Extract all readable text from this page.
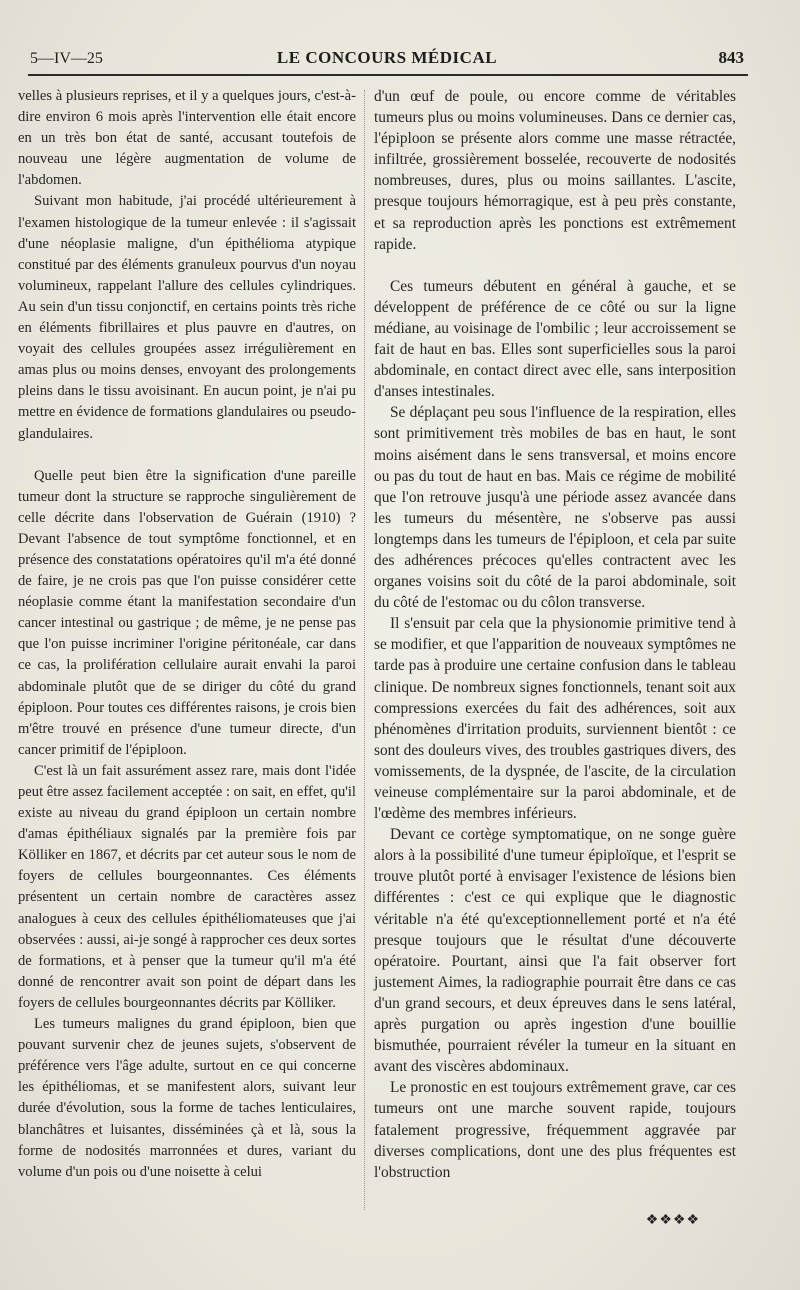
5—IV—25	LE CONCOURS MÉDICAL	843

velles à plusieurs reprises, et il y a quelques jours, c'est-à-dire environ 6 mois après l'intervention elle était encore en un très bon état de santé, accusant toutefois de nouveau une légère augmentation de volume de l'abdomen.

Suivant mon habitude, j'ai procédé ultérieurement à l'examen histologique de la tumeur enlevée : il s'agissait d'une néoplasie maligne, d'un épithélioma atypique constitué par des éléments granuleux pourvus d'un noyau volumineux, rappelant l'allure des cellules cylindriques. Au sein d'un tissu conjonctif, en certains points très riche en éléments fibrillaires et plus pauvre en d'autres, on voyait des cellules groupées assez irrégulièrement en amas plus ou moins denses, envoyant des prolongements pleins dans le tissu avoisinant. En aucun point, je n'ai pu mettre en évidence de formations glandulaires ou pseudo-glandulaires.

Quelle peut bien être la signification d'une pareille tumeur dont la structure se rapproche singulièrement de celle décrite dans l'observation de Guérain (1910) ? Devant l'absence de tout symptôme fonctionnel, et en présence des constatations opératoires qu'il m'a été donné de faire, je ne crois pas que l'on puisse considérer cette néoplasie comme étant la manifestation secondaire d'un cancer intestinal ou gastrique ; de même, je ne pense pas que l'on puisse incriminer l'origine péritonéale, car dans ce cas, la prolifération cellulaire aurait envahi la paroi abdominale plutôt que de se diriger du côté du grand épiploon. Pour toutes ces différentes raisons, je crois bien m'être trouvé en présence d'une tumeur directe, d'un cancer primitif de l'épiploon.

C'est là un fait assurément assez rare, mais dont l'idée peut être assez facilement acceptée : on sait, en effet, qu'il existe au niveau du grand épiploon un certain nombre d'amas épithéliaux signalés par la première fois par Kölliker en 1867, et décrits par cet auteur sous le nom de foyers de cellules bourgeonnantes. Ces éléments présentent un certain nombre de caractères assez analogues à ceux des cellules épithéliomateuses que j'ai observées : aussi, ai-je songé à rapprocher ces deux sortes de formations, et à penser que la tumeur qu'il m'a été donné de rencontrer avait son point de départ dans les foyers de cellules bourgeonnantes décrits par Kölliker.

Les tumeurs malignes du grand épiploon, bien que pouvant survenir chez de jeunes sujets, s'observent de préférence vers l'âge adulte, surtout en ce qui concerne les épithéliomas, et se manifestent alors, suivant leur durée d'évolution, sous la forme de taches lenticulaires, blanchâtres et luisantes, disséminées çà et là, sous la forme de nodosités marronnées et dures, variant du volume d'un pois ou d'une noisette à celui

d'un œuf de poule, ou encore comme de véritables tumeurs plus ou moins volumineuses. Dans ce dernier cas, l'épiploon se présente alors comme une masse rétractée, infiltrée, grossièrement bosselée, recouverte de nodosités nombreuses, dures, plus ou moins saillantes. L'ascite, presque toujours hémorragique, est à peu près constante, et sa reproduction après les ponctions est extrêmement rapide.

Ces tumeurs débutent en général à gauche, et se développent de préférence de ce côté ou sur la ligne médiane, au voisinage de l'ombilic ; leur accroissement se fait de haut en bas. Elles sont superficielles sous la paroi abdominale, en contact direct avec elle, sans interposition d'anses intestinales.

Se déplaçant peu sous l'influence de la respiration, elles sont primitivement très mobiles de bas en haut, le sont moins aisément dans le sens transversal, et moins encore ou pas du tout de haut en bas. Mais ce régime de mobilité que l'on retrouve jusqu'à une période assez avancée dans les tumeurs du mésentère, ne s'observe pas aussi longtemps dans les tumeurs de l'épiploon, et cela par suite des adhérences précoces qu'elles contractent avec les organes voisins soit du côté de la paroi abdominale, soit du côté de l'estomac ou du côlon transverse.

Il s'ensuit par cela que la physionomie primitive tend à se modifier, et que l'apparition de nouveaux symptômes ne tarde pas à produire une certaine confusion dans le tableau clinique. De nombreux signes fonctionnels, tenant soit aux compressions exercées du fait des adhérences, soit aux phénomènes d'irritation produits, surviennent bientôt : ce sont des douleurs vives, des troubles gastriques divers, des vomissements, de la dyspnée, de l'ascite, de la circulation veineuse complémentaire sur la paroi abdominale, et de l'œdème des membres inférieurs.

Devant ce cortège symptomatique, on ne songe guère alors à la possibilité d'une tumeur épiploïque, et l'esprit se trouve plutôt porté à envisager l'existence de lésions bien différentes : c'est ce qui explique que le diagnostic véritable n'a été qu'exceptionnellement porté et n'a été presque toujours que le résultat d'une découverte opératoire. Pourtant, ainsi que l'a fait observer fort justement Aimes, la radiographie pourrait être dans ce cas d'un grand secours, et deux épreuves dans le sens latéral, après purgation ou après ingestion d'une bouillie bismuthée, pourraient révéler la tumeur en la situant en avant des viscères abdominaux.

Le pronostic en est toujours extrêmement grave, car ces tumeurs ont une marche souvent rapide, toujours fatalement progressive, fréquemment aggravée par diverses complications, dont une des plus fréquentes est l'obstruction

❖❖❖❖
